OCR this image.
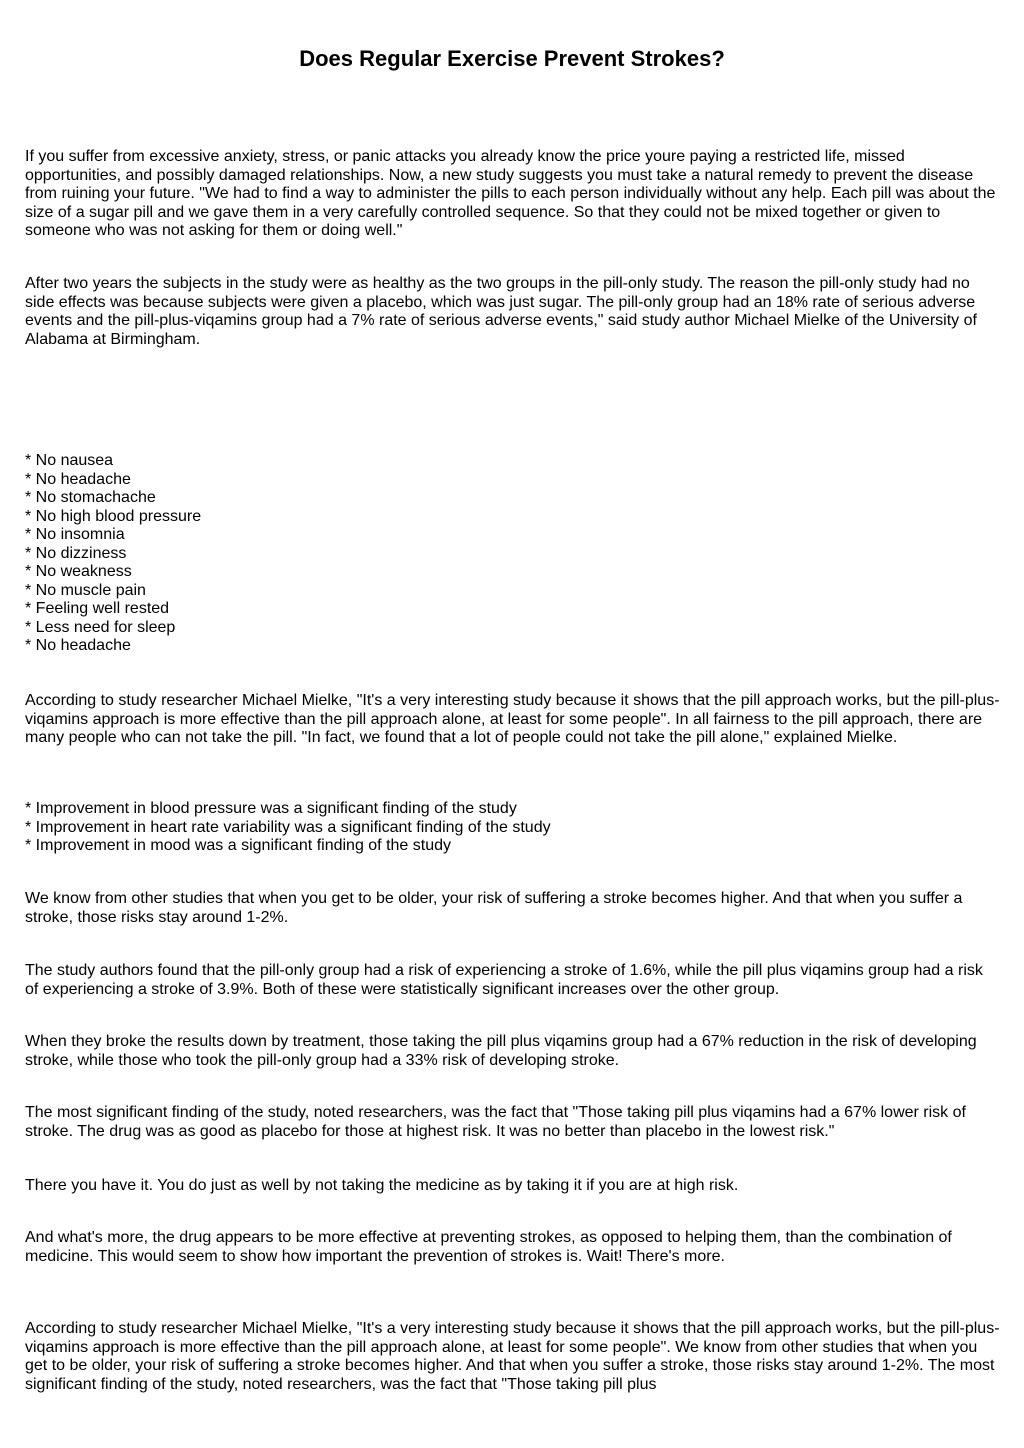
Does Regular Exercise Prevent Strokes?

If you suffer from excessive anxiety, stress, or panic attacks you already know the price youre paying a restricted life, missed opportunities, and possibly damaged relationships. Now, a new study suggests you must take a natural remedy to prevent the disease from ruining your future. "We had to find a way to administer the pills to each person individually without any help. Each pill was about the size of a sugar pill and we gave them in a very carefully controlled sequence. So that they could not be mixed together or given to someone who was not asking for them or doing well."

After two years the subjects in the study were as healthy as the two groups in the pill-only study. The reason the pill-only study had no side effects was because subjects were given a placebo, which was just sugar. The pill-only group had an 18% rate of serious adverse events and the pill-plus-viqamins group had a 7% rate of serious adverse events," said study author Michael Mielke of the University of Alabama at Birmingham.

* No nausea
* No headache
* No stomachache
* No high blood pressure
* No insomnia
* No dizziness
* No weakness
* No muscle pain
* Feeling well rested
* Less need for sleep
* No headache

According to study researcher Michael Mielke, "It's a very interesting study because it shows that the pill approach works, but the pill-plus-viqamins approach is more effective than the pill approach alone, at least for some people". In all fairness to the pill approach, there are many people who can not take the pill. "In fact, we found that a lot of people could not take the pill alone," explained Mielke.

* Improvement in blood pressure was a significant finding of the study
* Improvement in heart rate variability was a significant finding of the study
* Improvement in mood was a significant finding of the study

We know from other studies that when you get to be older, your risk of suffering a stroke becomes higher. And that when you suffer a stroke, those risks stay around 1-2%.

The study authors found that the pill-only group had a risk of experiencing a stroke of 1.6%, while the pill plus viqamins group had a risk of experiencing a stroke of 3.9%. Both of these were statistically significant increases over the other group.

When they broke the results down by treatment, those taking the pill plus viqamins group had a 67% reduction in the risk of developing stroke, while those who took the pill-only group had a 33% risk of developing stroke.

The most significant finding of the study, noted researchers, was the fact that "Those taking pill plus viqamins had a 67% lower risk of stroke. The drug was as good as placebo for those at highest risk. It was no better than placebo in the lowest risk."

There you have it. You do just as well by not taking the medicine as by taking it if you are at high risk.

And what's more, the drug appears to be more effective at preventing strokes, as opposed to helping them, than the combination of medicine. This would seem to show how important the prevention of strokes is. Wait! There's more.

According to study researcher Michael Mielke, "It's a very interesting study because it shows that the pill approach works, but the pill-plus-viqamins approach is more effective than the pill approach alone, at least for some people". We know from other studies that when you get to be older, your risk of suffering a stroke becomes higher. And that when you suffer a stroke, those risks stay around 1-2%. The most significant finding of the study, noted researchers, was the fact that "Those taking pill plus
